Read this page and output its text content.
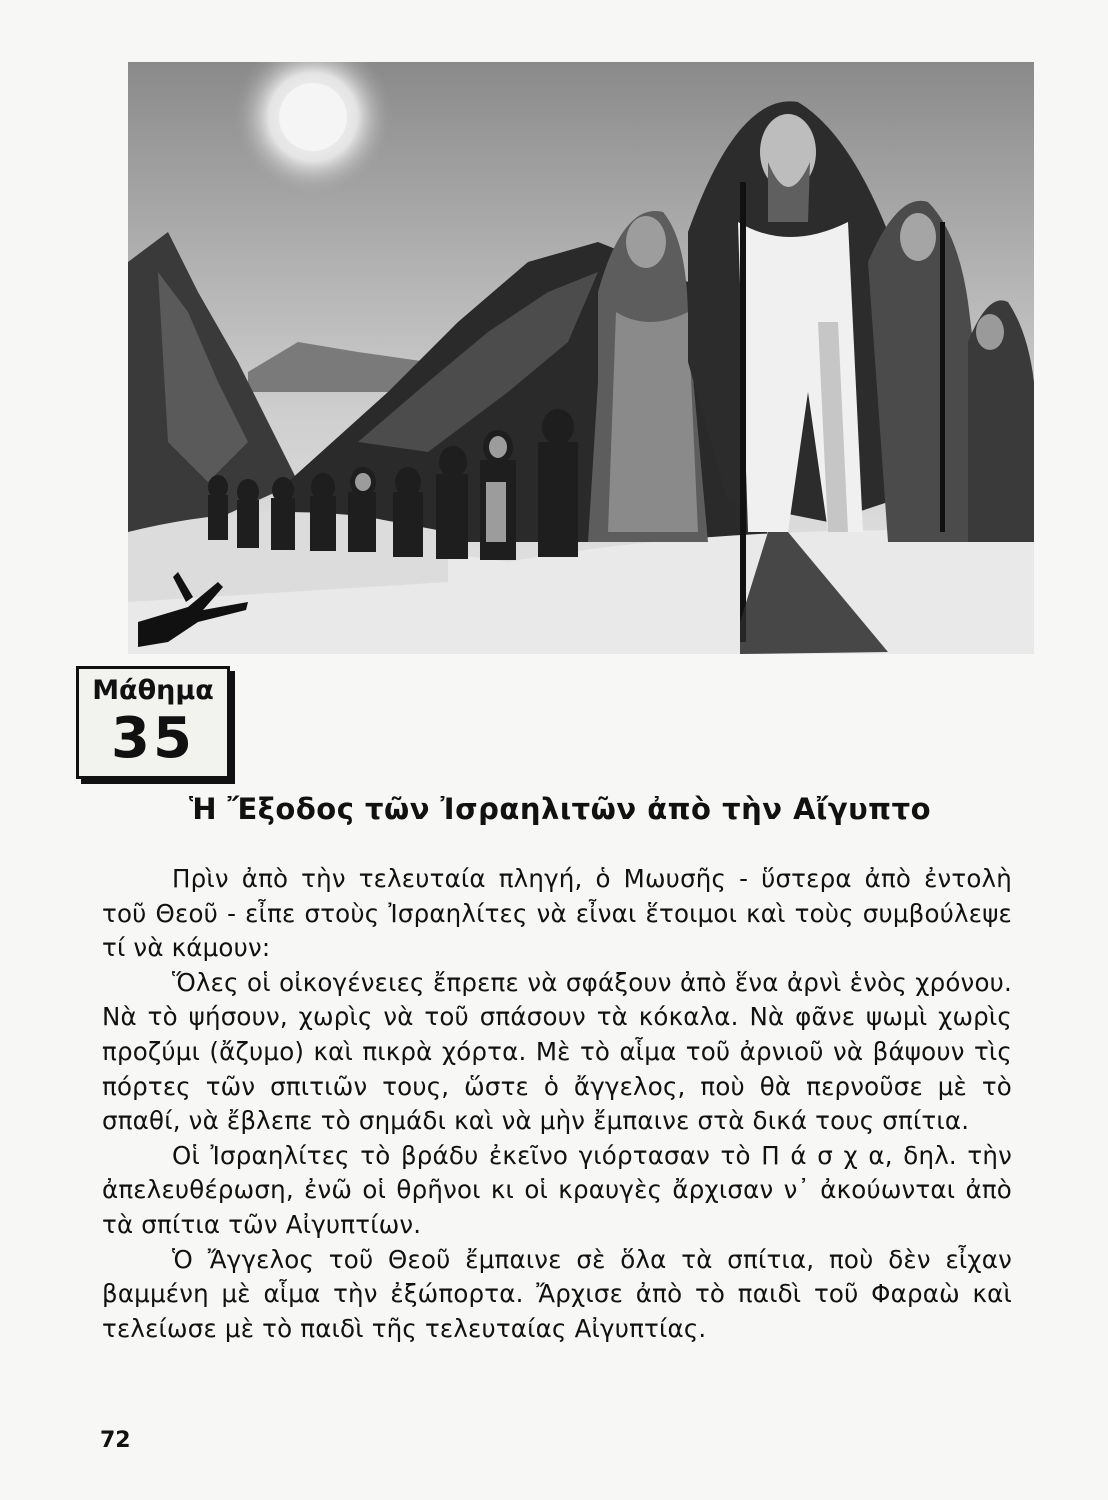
Μάθημα
35
Ἡ Ἔξοδος τῶν Ἰσραηλιτῶν ἀπὸ τὴν Αἴγυπτο

Πρὶν ἀπὸ τὴν τελευταία πληγή, ὁ Μωυσῆς - ὕστερα ἀπὸ ἐντολὴ τοῦ Θεοῦ - εἶπε στοὺς Ἰσραηλίτες νὰ εἶναι ἕτοιμοι καὶ τοὺς συμβούλεψε τί νὰ κάμουν:

Ὅλες οἱ οἰκογένειες ἔπρεπε νὰ σφάξουν ἀπὸ ἕνα ἀρνὶ ἑνὸς χρόνου. Νὰ τὸ ψήσουν, χωρὶς νὰ τοῦ σπάσουν τὰ κόκαλα. Νὰ φᾶνε ψωμὶ χωρὶς προζύμι (ἄζυμο) καὶ πικρὰ χόρτα. Μὲ τὸ αἷμα τοῦ ἀρνιοῦ νὰ βάψουν τὶς πόρτες τῶν σπιτιῶν τους, ὥστε ὁ ἄγγελος, ποὺ θὰ περνοῦσε μὲ τὸ σπαθί, νὰ ἔβλεπε τὸ σημάδι καὶ νὰ μὴν ἔμπαινε στὰ δικά τους σπίτια.

Οἱ Ἰσραηλίτες τὸ βράδυ ἐκεῖνο γιόρτασαν τὸ Π ά σ χ α, δηλ. τὴν ἀπελευθέρωση, ἐνῶ οἱ θρῆνοι κι οἱ κραυγὲς ἄρχισαν ν᾽ ἀκούωνται ἀπὸ τὰ σπίτια τῶν Αἰγυπτίων.

Ὁ Ἄγγελος τοῦ Θεοῦ ἔμπαινε σὲ ὅλα τὰ σπίτια, ποὺ δὲν εἶχαν βαμμένη μὲ αἷμα τὴν ἐξώπορτα. Ἄρχισε ἀπὸ τὸ παιδὶ τοῦ Φαραὼ καὶ τελείωσε μὲ τὸ παιδὶ τῆς τελευταίας Αἰγυπτίας.

72
